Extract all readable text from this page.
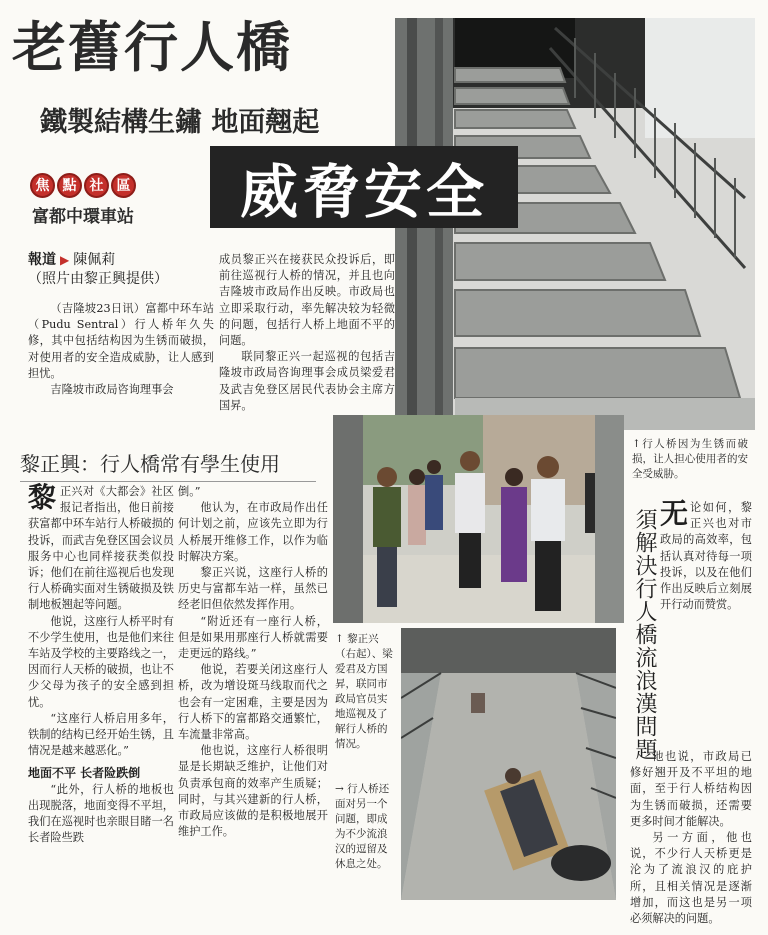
老舊行人橋
鐵製結構生鏽 地面翹起
焦 點 社 區
富都中環車站	威脅安全
報道 ▶ 陳佩莉
（照片由黎正興提供）

（吉隆坡23日讯）富都中环车站（Pudu Sentral）行人桥年久失修，其中包括结构因为生锈而破损，对使用者的安全造成威胁，让人感到担忧。

吉隆坡市政局咨询理事会

成员黎正兴在接获民众投诉后，即前往巡视行人桥的情况，并且也向吉隆坡市政局作出反映。市政局也立即采取行动，率先解决较为轻微的问题，包括行人桥上地面不平的问题。

联同黎正兴一起巡视的包括吉隆坡市政局咨询理事会成员梁爱君及武吉免登区居民代表协会主席方国昇。

黎正興：行人橋常有學生使用

黎正兴对《大都会》社区报记者指出，他日前接获富都中环车站行人桥破损的投诉，而武吉免登区国会议员服务中心也同样接获类似投诉；他们在前往巡视后也发现行人桥确实面对生锈破损及铁制地板翘起等问题。

他说，这座行人桥平时有不少学生使用，也是他们来往车站及学校的主要路线之一，因而行人天桥的破损，也让不少父母为孩子的安全感到担忧。

“这座行人桥启用多年，铁制的结构已经开始生锈，且情况是越来越恶化。”

地面不平 长者险跌倒

“此外，行人桥的地板也出现脱落，地面变得不平坦，我们在巡视时也亲眼目睹一名长者险些跌

倒。”

他认为，在市政局作出任何计划之前，应该先立即为行人桥展开维修工作，以作为临时解决方案。

黎正兴说，这座行人桥的历史与富都车站一样，虽然已经老旧但依然发挥作用。

“附近还有一座行人桥，但是如果用那座行人桥就需要走更远的路线。”

他说，若要关闭这座行人桥，改为增设斑马线取而代之也会有一定困难，主要是因为行人桥下的富都路交通繁忙，车流量非常高。

他也说，这座行人桥很明显是长期缺乏维护，让他们对负责承包商的效率产生质疑；同时，与其兴建新的行人桥，市政局应该做的是积极地展开维护工作。

↑行人桥因为生锈而破损，让人担心使用者的安全受威胁。
↑ 黎正兴（右起）、梁爱君及方国昇，联同市政局官员实地巡视及了解行人桥的情况。
→ 行人桥还面对另一个问题，即成为不少流浪汉的逗留及休息之处。
須解決行人橋流浪漢問題 无论如何，黎正兴也对市政局的高效率，包括认真对待每一项投诉，以及在他们作出反映后立刻展开行动而赞赏。

他也说，市政局已修好翘开及不平坦的地面，至于行人桥结构因为生锈而破损，还需要更多时间才能解决。

另一方面，他也说，不少行人天桥更是沦为了流浪汉的庇护所，且相关情况是逐渐增加，而这也是另一项必须解决的问题。
